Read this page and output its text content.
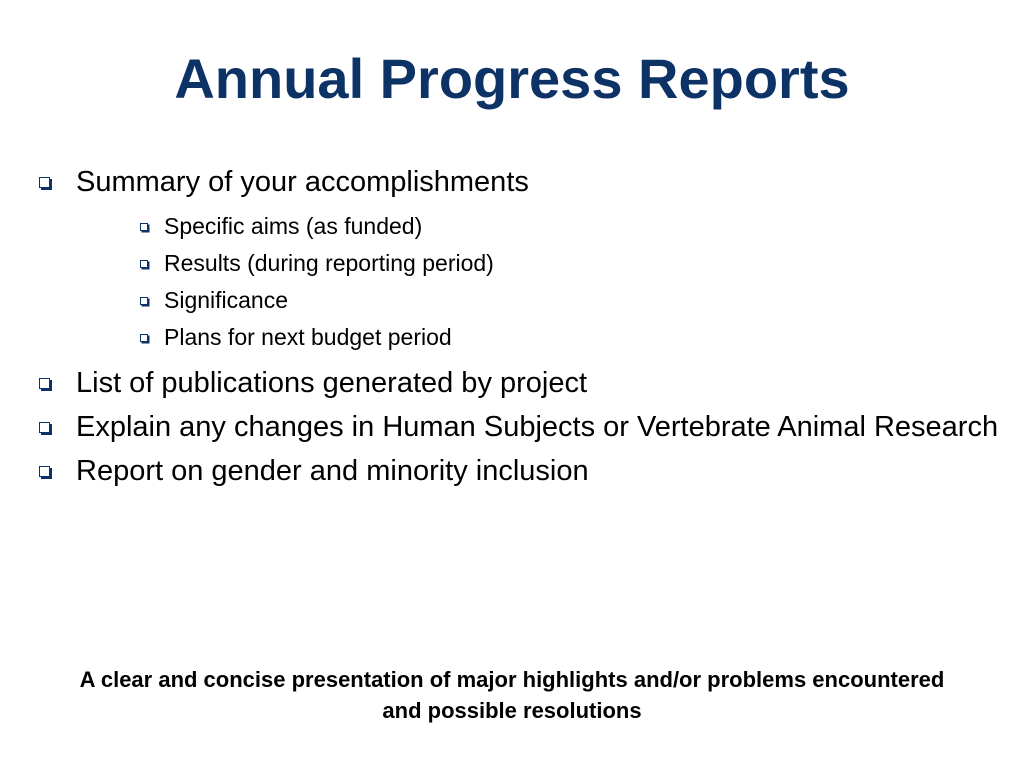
Annual Progress Reports
Summary of your accomplishments
Specific aims (as funded)
Results (during reporting period)
Significance
Plans for next budget period
List of publications generated by project
Explain any changes in Human Subjects or Vertebrate Animal Research
Report on gender and minority inclusion

A clear and concise presentation of major highlights and/or problems encountered and possible resolutions
